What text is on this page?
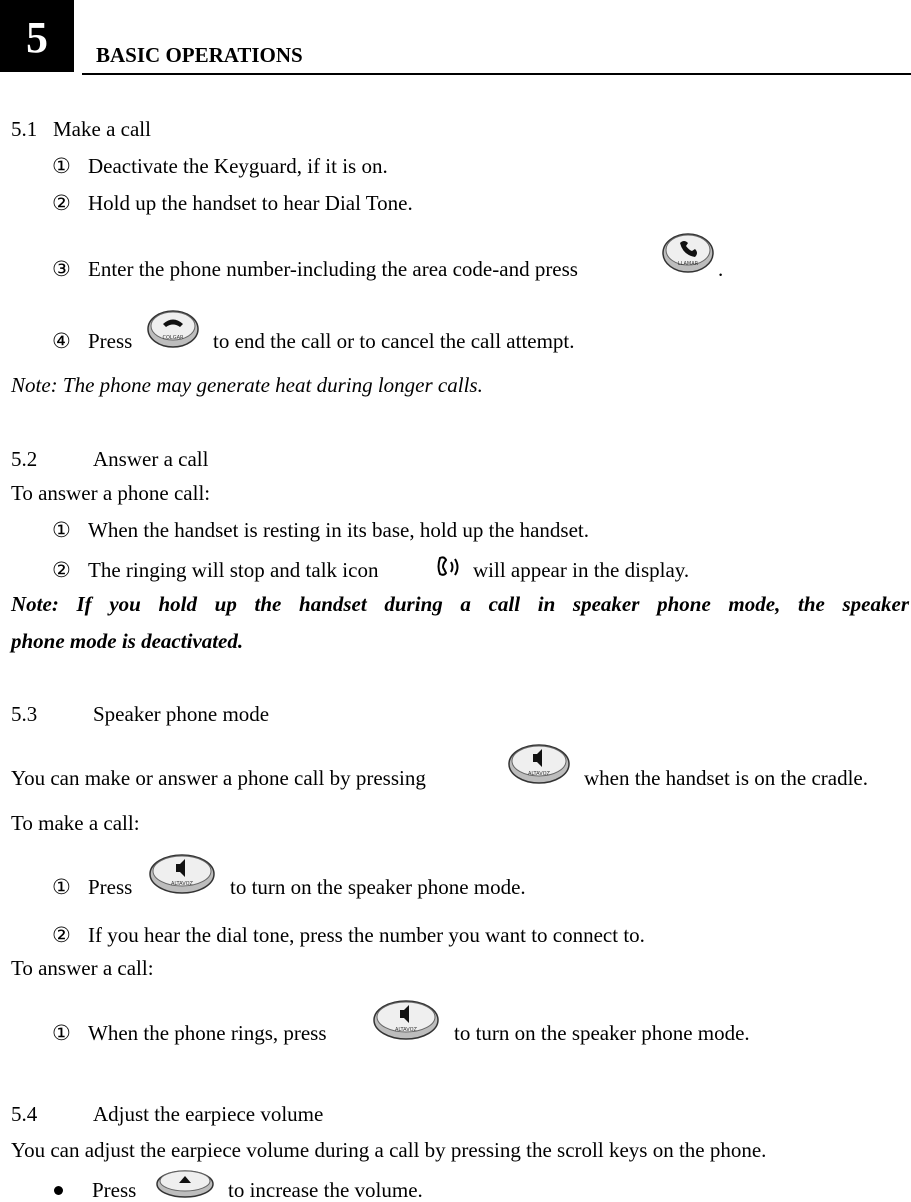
5	BASIC OPERATIONS
5.1   Make a call
① Deactivate the Keyguard, if it is on.
② Hold up the handset to hear Dial Tone.
③ Enter the phone number-including the area code-and press	LLAMAR .
④ Press	COLGAR to end the call or to cancel the call attempt.
Note: The phone may generate heat during longer calls.
5.2	Answer a call
To answer a phone call:
① When the handset is resting in its base, hold up the handset.
② The ringing will stop and talk icon	will appear in the display.
Note: If you hold up the handset during a call in speaker phone mode, the speaker
phone mode is deactivated.
5.3	Speaker phone mode
You can make or answer a phone call by pressing	ALTAVOZ when the handset is on the cradle.
To make a call:
① Press	ALTAVOZ to turn on the speaker phone mode.
② If you hear the dial tone, press the number you want to connect to.
To answer a call:
① When the phone rings, press	ALTAVOZ to turn on the speaker phone mode.
5.4	Adjust the earpiece volume
You can adjust the earpiece volume during a call by pressing the scroll keys on the phone.
Press	to increase the volume.
